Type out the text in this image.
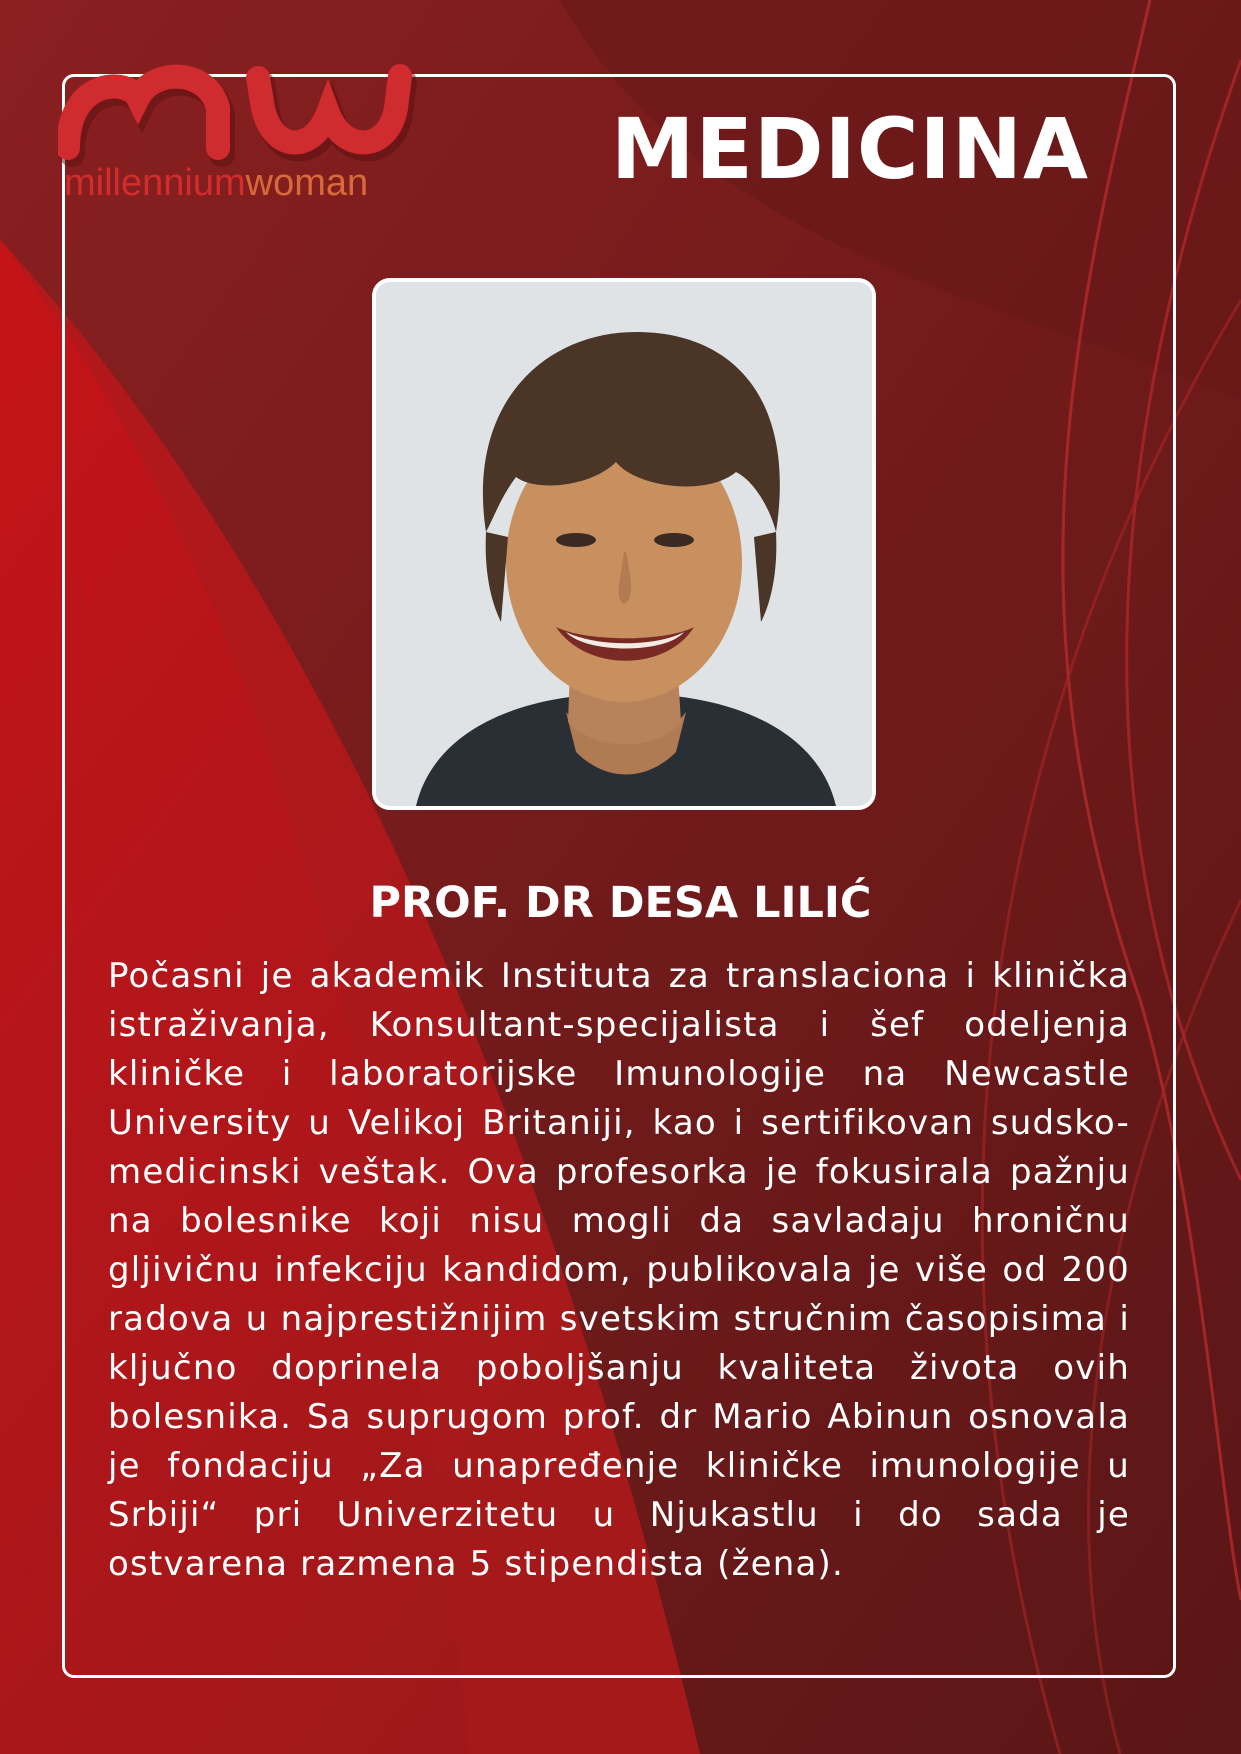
millenniumwoman	MEDICINA
PROF. DR DESA LILIĆ
Počasni je akademik Instituta za translaciona i klinička istraživanja, Konsultant-specijalista i šef odeljenja kliničke i laboratorijske Imunologije na Newcastle University u Velikoj Britaniji, kao i sertifikovan sudsko-medicinski veštak. Ova profesorka je fokusirala pažnju na bolesnike koji nisu mogli da savladaju hroničnu gljivičnu infekciju kandidom, publikovala je više od 200 radova u najprestižnijim svetskim stručnim časopisima i ključno doprinela poboljšanju kvaliteta života ovih bolesnika. Sa suprugom prof. dr Mario Abinun osnovala je fondaciju „Za unapređenje kliničke imunologije u Srbiji“ pri Univerzitetu u Njukastlu i do sada je ostvarena razmena 5 stipendista (žena).
